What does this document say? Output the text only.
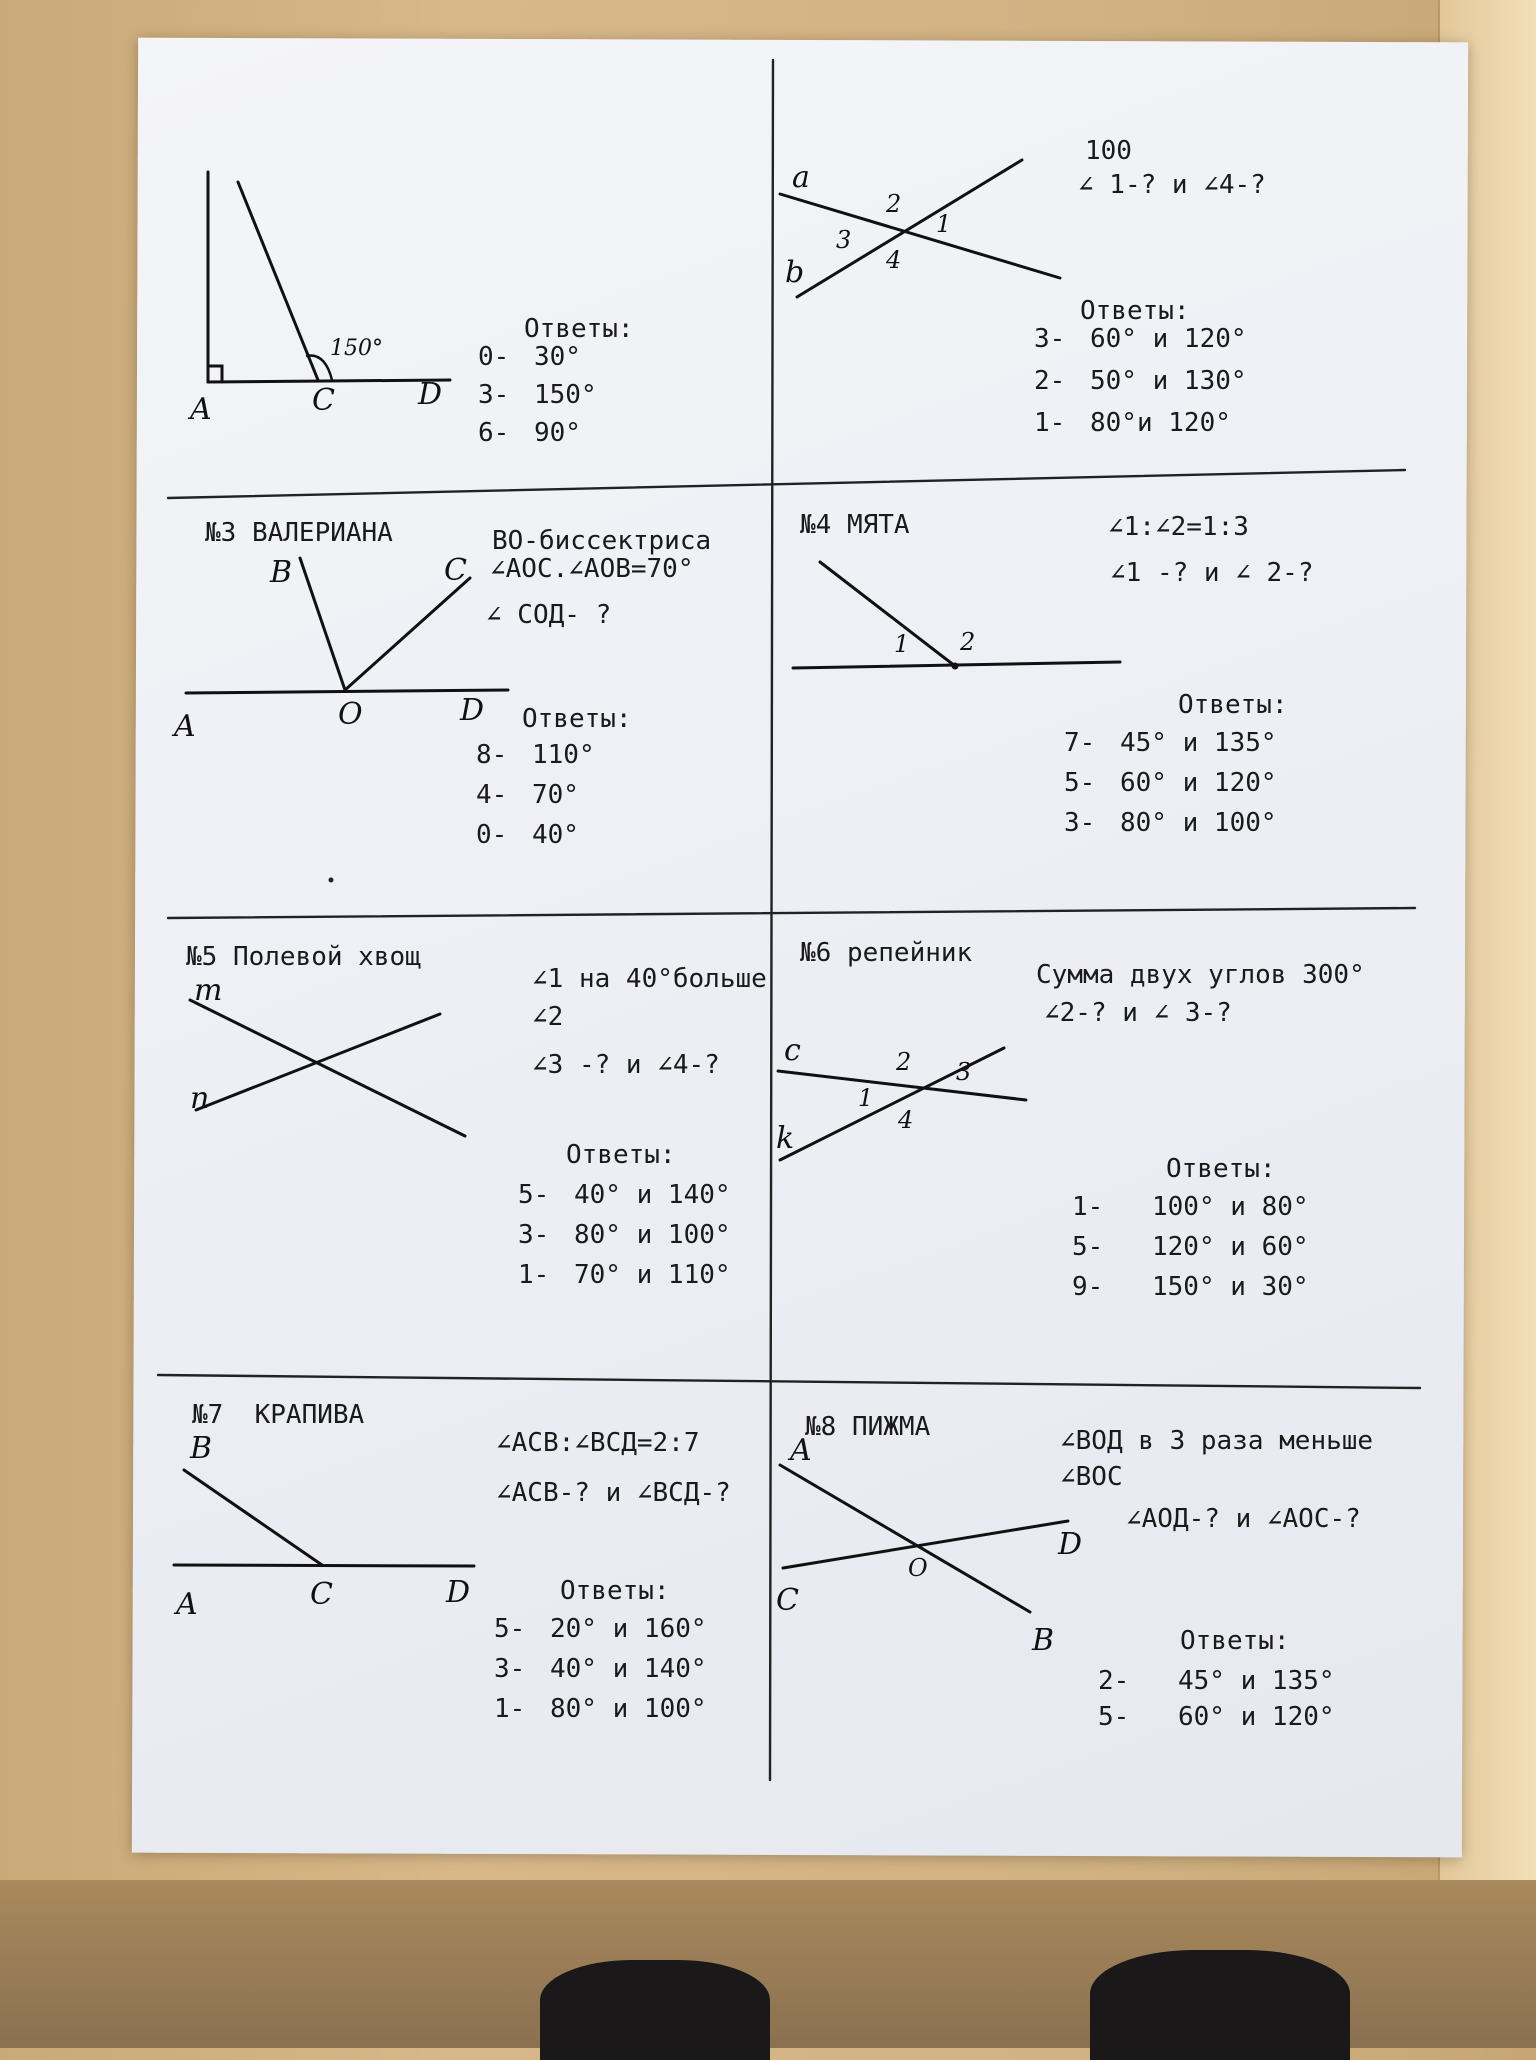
A	C	D
150°
Ответы:
0- 30°
3- 150°
6- 90°
100
∠ 1-? и ∠4-?
a
b
1
2
3
4
Ответы:
3- 60° и 120°
2- 50° и 130°
1- 80°и 120°
№3 ВАЛЕРИАНА	ВО-биссектриса
∠АОС.∠АОВ=70°
∠ СОД- ?
A
B	C
O	D Ответы:
8- 110°
4- 70°
0- 40°
№4 МЯТА	∠1:∠2=1:3
∠1 -? и ∠ 2-?
1 2
Ответы:
7- 45° и 135°
5- 60° и 120°
3- 80° и 100°
№5 Полевой хвощ
∠1 на 40°больше
∠2
∠3 -? и ∠4-?
m
n
Ответы:
5- 40° и 140°
3- 80° и 100°
1- 70° и 110°
№6 репейник
Сумма двух углов 300°
∠2-? и ∠ 3-?
c
k
1
2 3
4
Ответы:
1-	100° и 80°
5-	120° и 60°
9-	150° и 30°
№7  КРАПИВА
∠АСВ:∠ВСД=2:7
∠АСВ-? и ∠ВСД-?
A
B
C	D	Ответы:
5- 20° и 160°
3- 40° и 140°
1- 80° и 100°
№8 ПИЖМА	∠ВОД в 3 раза меньше
∠ВОС
∠АОД-? и ∠АОС-?
A
B
C
O
D
Ответы:
2-	45° и 135°
5-	60° и 120°
